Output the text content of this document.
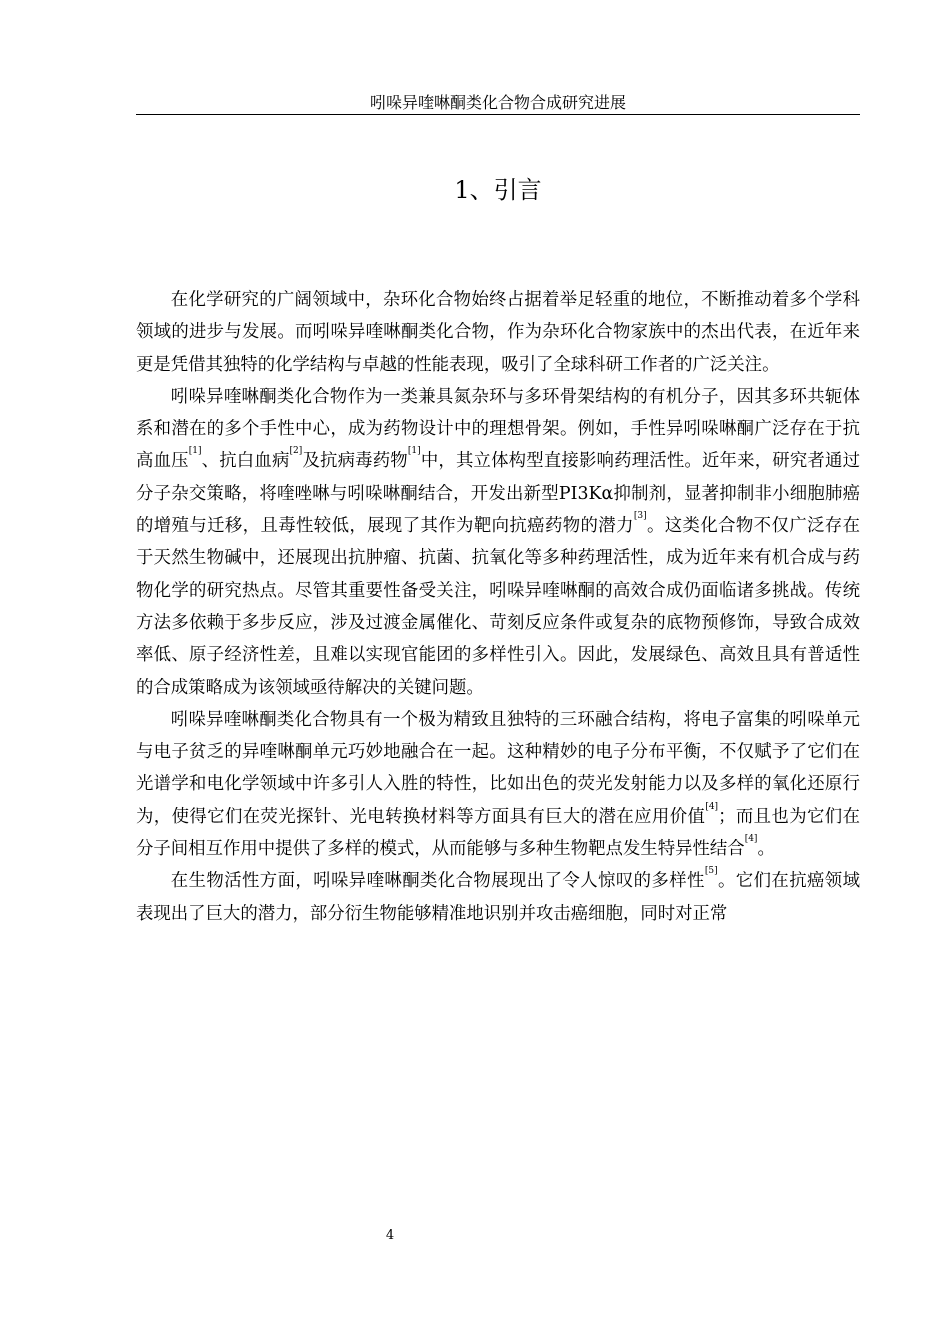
吲哚异喹啉酮类化合物合成研究进展
1、引言

在化学研究的广阔领域中，杂环化合物始终占据着举足轻重的地位，不断推动着多个学科领域的进步与发展。而吲哚异喹啉酮类化合物，作为杂环化合物家族中的杰出代表，在近年来更是凭借其独特的化学结构与卓越的性能表现，吸引了全球科研工作者的广泛关注。

吲哚异喹啉酮类化合物作为一类兼具氮杂环与多环骨架结构的有机分子，因其多环共轭体系和潜在的多个手性中心，成为药物设计中的理想骨架。例如，手性异吲哚啉酮广泛存在于抗高血压[1]、抗白血病[2]及抗病毒药物[1]中，其立体构型直接影响药理活性。近年来，研究者通过分子杂交策略，将喹唑啉与吲哚啉酮结合，开发出新型PI3Kα抑制剂，显著抑制非小细胞肺癌的增殖与迁移，且毒性较低，展现了其作为靶向抗癌药物的潜力[3]。这类化合物不仅广泛存在于天然生物碱中，还展现出抗肿瘤、抗菌、抗氧化等多种药理活性，成为近年来有机合成与药物化学的研究热点。尽管其重要性备受关注，吲哚异喹啉酮的高效合成仍面临诸多挑战。传统方法多依赖于多步反应，涉及过渡金属催化、苛刻反应条件或复杂的底物预修饰，导致合成效率低、原子经济性差，且难以实现官能团的多样性引入。因此，发展绿色、高效且具有普适性的合成策略成为该领域亟待解决的关键问题。

吲哚异喹啉酮类化合物具有一个极为精致且独特的三环融合结构，将电子富集的吲哚单元与电子贫乏的异喹啉酮单元巧妙地融合在一起。这种精妙的电子分布平衡，不仅赋予了它们在光谱学和电化学领域中许多引人入胜的特性，比如出色的荧光发射能力以及多样的氧化还原行为，使得它们在荧光探针、光电转换材料等方面具有巨大的潜在应用价值[4]；而且也为它们在分子间相互作用中提供了多样的模式，从而能够与多种生物靶点发生特异性结合[4]。

在生物活性方面，吲哚异喹啉酮类化合物展现出了令人惊叹的多样性[5]。它们在抗癌领域表现出了巨大的潜力，部分衍生物能够精准地识别并攻击癌细胞，同时对正常

4
